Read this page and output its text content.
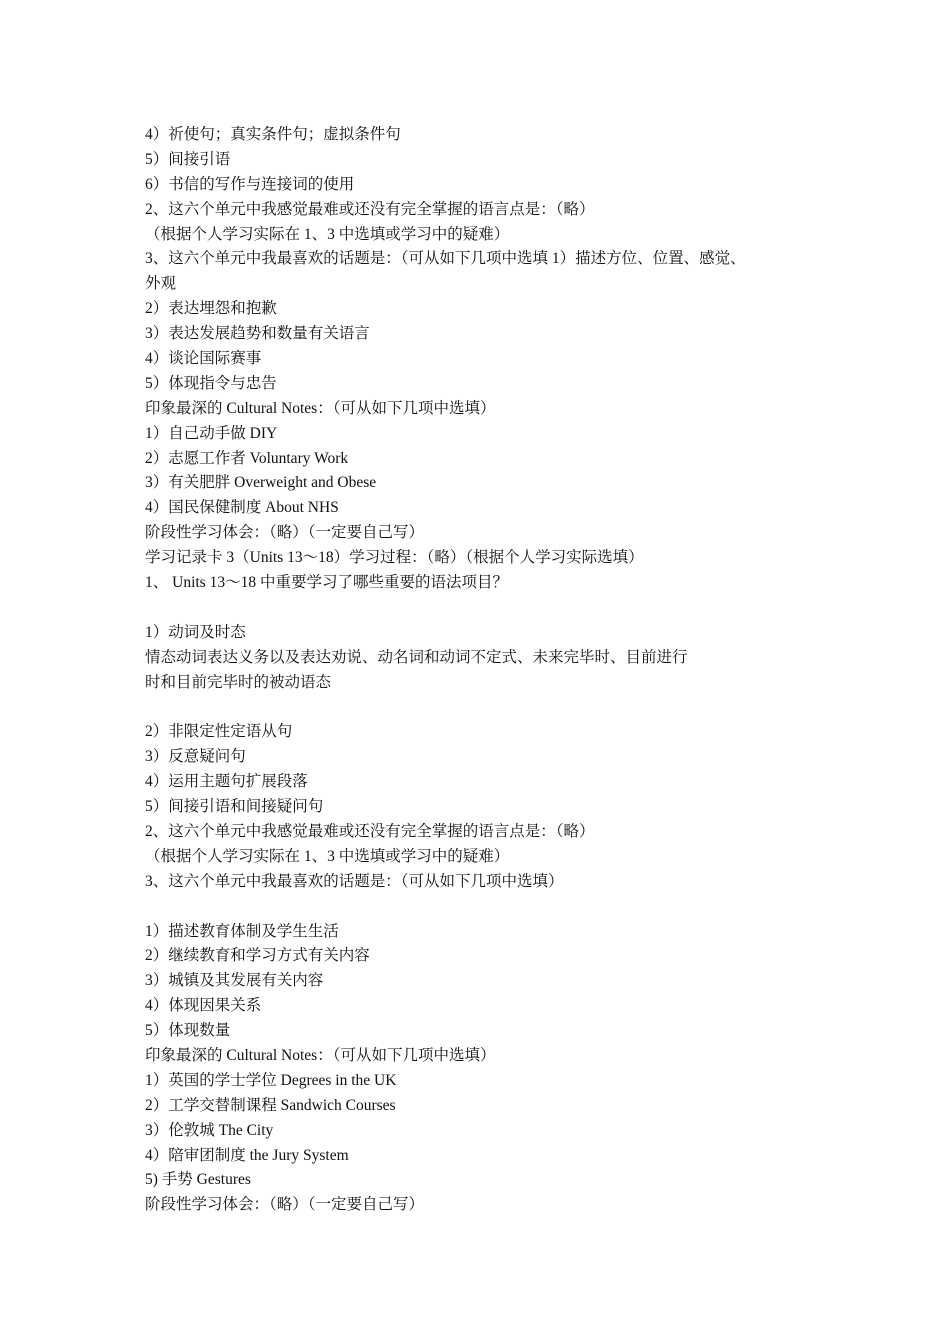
4）祈使句；真实条件句；虚拟条件句
5）间接引语
6）书信的写作与连接词的使用
2、这六个单元中我感觉最难或还没有完全掌握的语言点是：（略）
（根据个人学习实际在 1、3 中选填或学习中的疑难）
3、这六个单元中我最喜欢的话题是：（可从如下几项中选填 1）描述方位、位置、感觉、
外观
2）表达埋怨和抱歉
3）表达发展趋势和数量有关语言
4）谈论国际赛事
5）体现指令与忠告
印象最深的 Cultural Notes：（可从如下几项中选填）
1）自己动手做 DIY
2）志愿工作者 Voluntary Work
3）有关肥胖 Overweight and Obese
4）国民保健制度 About NHS
阶段性学习体会：（略）（一定要自己写）
学习记录卡 3（Units 13～18）学习过程：（略）（根据个人学习实际选填）
1、 Units 13～18 中重要学习了哪些重要的语法项目？
1）动词及时态
情态动词表达义务以及表达劝说、动名词和动词不定式、未来完毕时、目前进行
时和目前完毕时的被动语态
2）非限定性定语从句
3）反意疑问句
4）运用主题句扩展段落
5）间接引语和间接疑问句
2、这六个单元中我感觉最难或还没有完全掌握的语言点是：（略）
（根据个人学习实际在 1、3 中选填或学习中的疑难）
3、这六个单元中我最喜欢的话题是：（可从如下几项中选填）
1）描述教育体制及学生生活
2）继续教育和学习方式有关内容
3）城镇及其发展有关内容
4）体现因果关系
5）体现数量
印象最深的 Cultural Notes：（可从如下几项中选填）
1）英国的学士学位 Degrees in the UK
2）工学交替制课程 Sandwich Courses
3）伦敦城 The City
4）陪审团制度 the Jury System
5) 手势 Gestures
阶段性学习体会：（略）（一定要自己写）
